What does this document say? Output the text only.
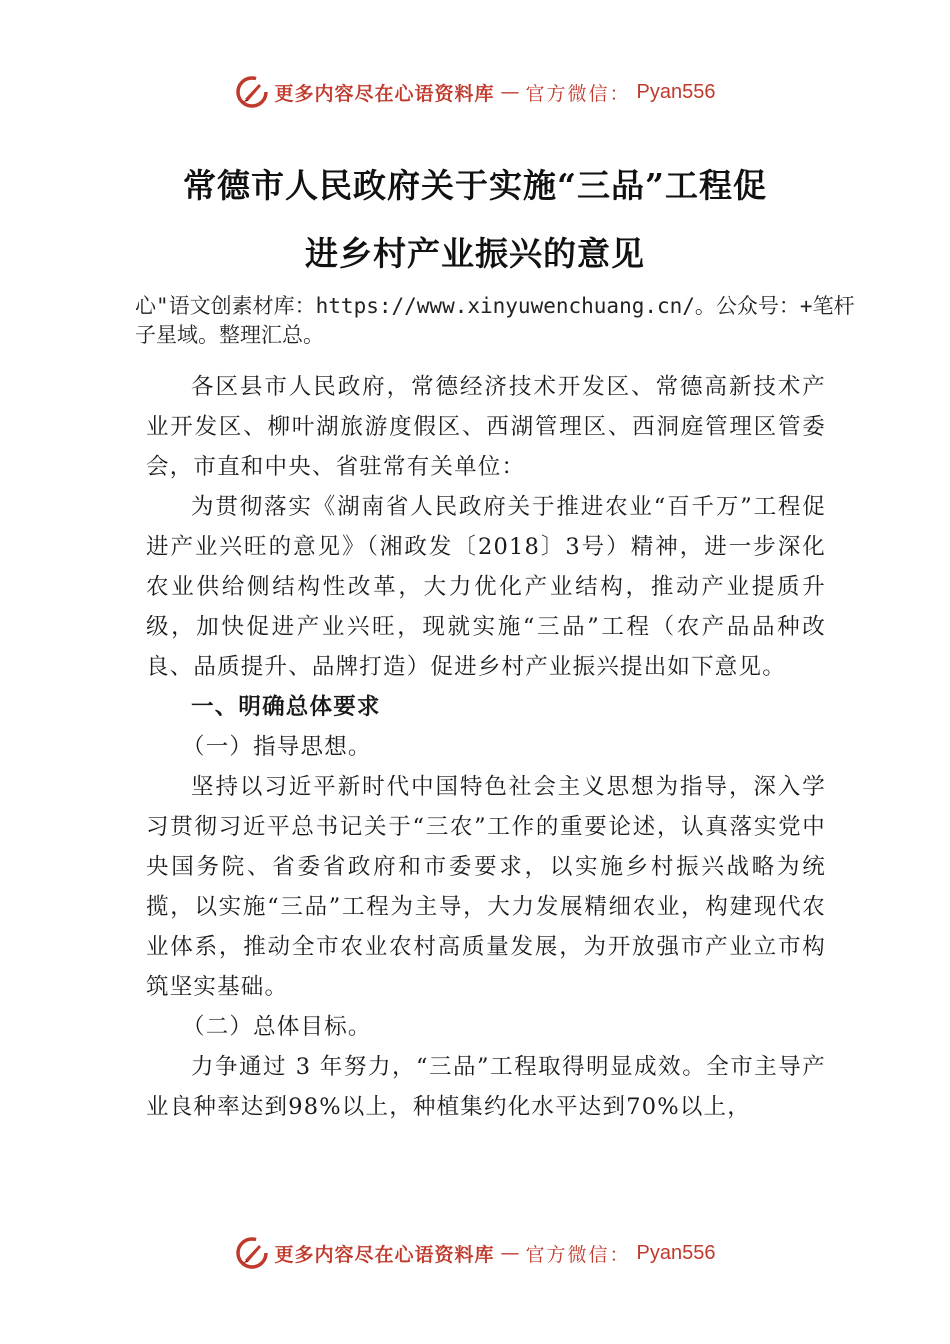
更多内容尽在心语资料库 — 官方微信： Pyan556
常德市人民政府关于实施“三品”工程促
进乡村产业振兴的意见
心"语文创素材库：https://www.xinyuwenchuang.cn/。公众号：+笔杆子星域。整理汇总。

各区县市人民政府，常德经济技术开发区、常德高新技术产业开发区、柳叶湖旅游度假区、西湖管理区、西洞庭管理区管委会，市直和中央、省驻常有关单位：

为贯彻落实《湖南省人民政府关于推进农业“百千万”工程促进产业兴旺的意见》（湘政发〔2018〕3号）精神，进一步深化农业供给侧结构性改革，大力优化产业结构，推动产业提质升级，加快促进产业兴旺，现就实施“三品”工程（农产品品种改良、品质提升、品牌打造）促进乡村产业振兴提出如下意见。

一、明确总体要求

（一）指导思想。

坚持以习近平新时代中国特色社会主义思想为指导，深入学习贯彻习近平总书记关于“三农”工作的重要论述，认真落实党中央国务院、省委省政府和市委要求，以实施乡村振兴战略为统揽，以实施“三品”工程为主导，大力发展精细农业，构建现代农业体系，推动全市农业农村高质量发展，为开放强市产业立市构筑坚实基础。

（二）总体目标。

力争通过 3 年努力，“三品”工程取得明显成效。全市主导产业良种率达到98%以上，种植集约化水平达到70%以上，

更多内容尽在心语资料库 — 官方微信： Pyan556
